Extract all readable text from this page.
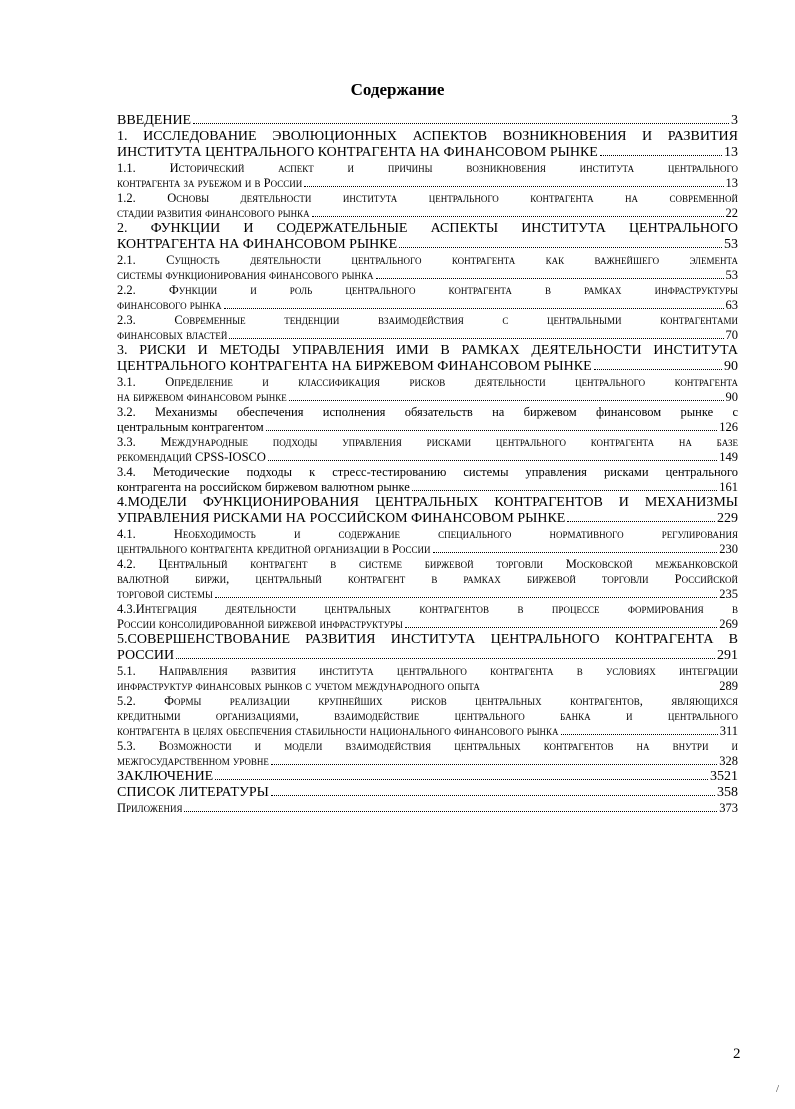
Содержание
ВВЕДЕНИЕ	3
1. ИССЛЕДОВАНИЕ ЭВОЛЮЦИОННЫХ АСПЕКТОВ ВОЗНИКНОВЕНИЯ И РАЗВИТИЯ
ИНСТИТУТА ЦЕНТРАЛЬНОГО КОНТРАГЕНТА НА ФИНАНСОВОМ РЫНКЕ	13
1.1. Исторический аспект и причины возникновения института центрального
контрагента за рубежом и в России	13
1.2. Основы деятельности института центрального контрагента на современной
стадии развития финансового рынка	22
2. ФУНКЦИИ И СОДЕРЖАТЕЛЬНЫЕ АСПЕКТЫ ИНСТИТУТА ЦЕНТРАЛЬНОГО
КОНТРАГЕНТА НА ФИНАНСОВОМ РЫНКЕ	53
2.1. Сущность деятельности центрального контрагента как важнейшего элемента
системы функционирования финансового рынка	53
2.2. Функции и роль центрального контрагента в рамках инфраструктуры
финансового рынка	63
2.3. Современные тенденции взаимодействия с центральными контрагентами
финансовых властей	70
3. РИСКИ И МЕТОДЫ УПРАВЛЕНИЯ ИМИ В РАМКАХ ДЕЯТЕЛЬНОСТИ ИНСТИТУТА
ЦЕНТРАЛЬНОГО КОНТРАГЕНТА НА БИРЖЕВОМ ФИНАНСОВОМ РЫНКЕ	90
3.1. Определение и классификация рисков деятельности центрального контрагента
на биржевом финансовом рынке	90
3.2. Механизмы обеспечения исполнения обязательств на биржевом финансовом рынке с
центральным контрагентом	126
3.3. Международные подходы управления рисками центрального контрагента на базе
рекомендаций CPSS-IOSCO	149
3.4. Методические подходы к стресс-тестированию системы управления рисками центрального
контрагента на российском биржевом валютном рынке	161
4.МОДЕЛИ ФУНКЦИОНИРОВАНИЯ ЦЕНТРАЛЬНЫХ КОНТРАГЕНТОВ И МЕХАНИЗМЫ
УПРАВЛЕНИЯ РИСКАМИ НА РОССИЙСКОМ ФИНАНСОВОМ РЫНКЕ	229
4.1. Необходимость и содержание специального нормативного регулирования
центрального контрагента кредитной организации в России	230
4.2. Центральный контрагент в системе биржевой торговли Московской межбанковской
валютной биржи, центральный контрагент в рамках биржевой торговли Российской
торговой системы	235
4.3.Интеграция деятельности центральных контрагентов в процессе формирования в
России консолидированной биржевой инфраструктуры	269
5.СОВЕРШЕНСТВОВАНИЕ РАЗВИТИЯ ИНСТИТУТА ЦЕНТРАЛЬНОГО КОНТРАГЕНТА В
РОССИИ	291
5.1. Направления развития института центрального контрагента в условиях интеграции
инфраструктур финансовых рынков с учетом международного опыта	289
5.2. Формы реализации крупнейших рисков центральных контрагентов, являющихся
кредитными организациями, взаимодействие центрального банка и центрального
контрагента в целях обеспечения стабильности национального финансового рынка	311
5.3. Возможности и модели взаимодействия центральных контрагентов на внутри и
межгосударственном уровне	328
ЗАКЛЮЧЕНИЕ	3521
СПИСОК ЛИТЕРАТУРЫ	358
Приложения	373
2
/
